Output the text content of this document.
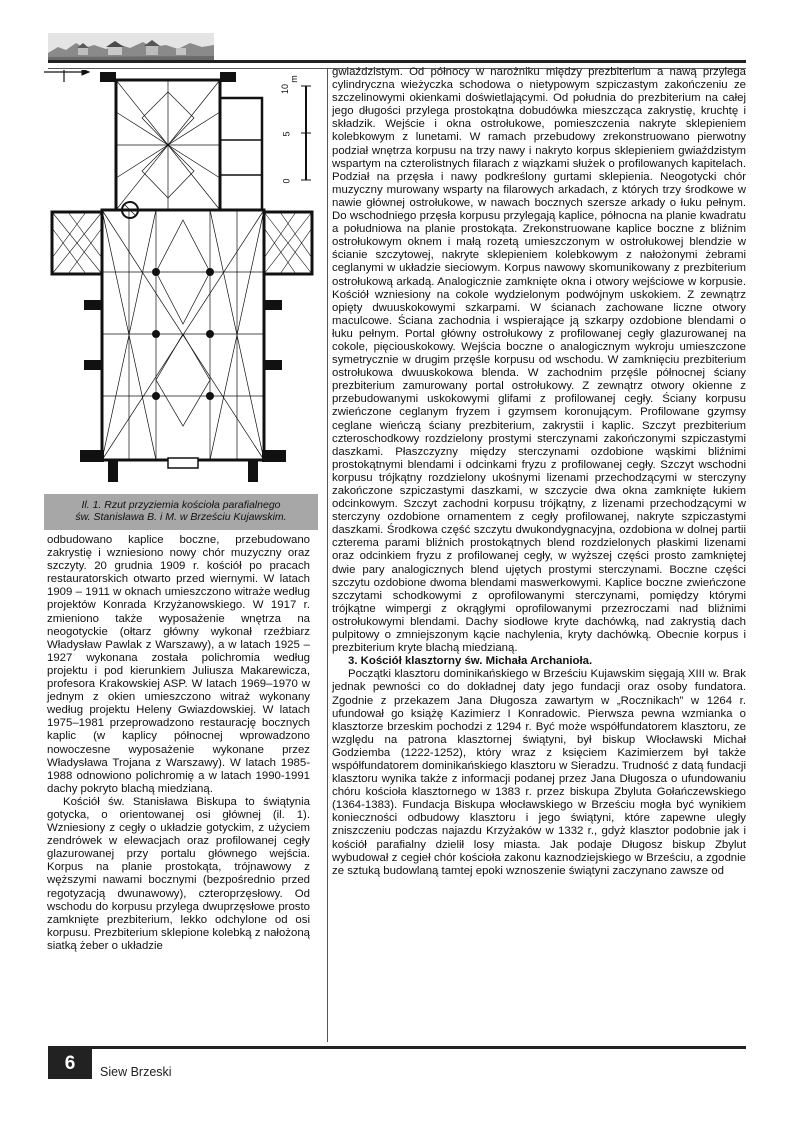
0
5
10
m
Il. 1. Rzut przyziemia kościoła parafialnego
św. Stanisława B. i M. w Brześciu Kujawskim.

odbudowano kaplice boczne, przebudowano zakrystię i wzniesiono nowy chór muzyczny oraz szczyty. 20 grudnia 1909 r. kościół po pracach restauratorskich otwarto przed wiernymi. W latach 1909 – 1911 w oknach umieszczono witraże według projektów Konrada Krzyżanowskiego. W 1917 r. zmieniono także wyposażenie wnętrza na neogotyckie (ołtarz główny wykonał rzeźbiarz Władysław Pawlak z Warszawy), a w latach 1925 –1927 wykonana została polichromia według projektu i pod kierunkiem Juliusza Makarewicza, profesora Krakowskiej ASP. W latach 1969–1970 w jednym z okien umieszczono witraż wykonany według projektu Heleny Gwiazdowskiej. W latach 1975–1981 przeprowadzono restaurację bocznych kaplic (w kaplicy północnej wprowadzono nowoczesne wyposażenie wykonane przez Władysława Trojana z Warszawy). W latach 1985-1988 odnowiono polichromię a w latach 1990-1991 dachy pokryto blachą miedzianą.

Kościół św. Stanisława Biskupa to świątynia gotycka, o orientowanej osi głównej (il. 1). Wzniesiony z cegły o układzie gotyckim, z użyciem zendrówek w elewacjach oraz profilowanej cegły glazurowanej przy portalu głównego wejścia. Korpus na planie prostokąta, trójnawowy z węższymi nawami bocznymi (bezpośrednio przed regotyzacją dwunawowy), czteroprzęsłowy. Od wschodu do korpusu przylega dwuprzęsłowe prosto zamknięte prezbiterium, lekko odchylone od osi korpusu. Prezbiterium sklepione kolebką z nałożoną siatką żeber o układzie

gwiaździstym. Od północy w narożniku między prezbiterium a nawą przylega cylindryczna wieżyczka schodowa o nietypowym szpiczastym zakończeniu ze szczelinowymi okienkami doświetlającymi. Od południa do prezbiterium na całej jego długości przylega prostokątna dobudówka mieszcząca zakrystię, kruchtę i składzik. Wejście i okna ostrołukowe, pomieszczenia nakryte sklepieniem kolebkowym z lunetami. W ramach przebudowy zrekonstruowano pierwotny podział wnętrza korpusu na trzy nawy i nakryto korpus sklepieniem gwiaździstym wspartym na czterolistnych filarach z wiązkami służek o profilowanych kapitelach. Podział na przęsła i nawy podkreślony gurtami sklepienia. Neogotycki chór muzyczny murowany wsparty na filarowych arkadach, z których trzy środkowe w nawie głównej ostrołukowe, w nawach bocznych szersze arkady o łuku pełnym. Do wschodniego przęsła korpusu przylegają kaplice, północna na planie kwadratu a południowa na planie prostokąta. Zrekonstruowane kaplice boczne z bliźnim ostrołukowym oknem i małą rozetą umieszczonym w ostrołukowej blendzie w ścianie szczytowej, nakryte sklepieniem kolebkowym z nałożonymi żebrami ceglanymi w układzie sieciowym. Korpus nawowy skomunikowany z prezbiterium ostrołukową arkadą. Analogicznie zamknięte okna i otwory wejściowe w korpusie. Kościół wzniesiony na cokole wydzielonym podwójnym uskokiem. Z zewnątrz opięty dwuuskokowymi szkarpami. W ścianach zachowane liczne otwory maculcowe. Ściana zachodnia i wspierające ją szkarpy ozdobione blendami o łuku pełnym. Portal główny ostrołukowy z profilowanej cegły glazurowanej na cokole, pięciouskokowy. Wejścia boczne o analogicznym wykroju umieszczone symetrycznie w drugim przęśle korpusu od wschodu. W zamknięciu prezbiterium ostrołukowa dwuuskokowa blenda. W zachodnim przęśle północnej ściany prezbiterium zamurowany portal ostrołukowy. Z zewnątrz otwory okienne z przebudowanymi uskokowymi glifami z profilowanej cegły. Ściany korpusu zwieńczone ceglanym fryzem i gzymsem koronującym. Profilowane gzymsy ceglane wieńczą ściany prezbiterium, zakrystii i kaplic. Szczyt prezbiterium czteroschodkowy rozdzielony prostymi sterczynami zakończonymi szpiczastymi daszkami. Płaszczyzny między sterczynami ozdobione wąskimi bliźnimi prostokątnymi blendami i odcinkami fryzu z profilowanej cegły. Szczyt wschodni korpusu trójkątny rozdzielony ukośnymi lizenami przechodzącymi w sterczyny zakończone szpiczastymi daszkami, w szczycie dwa okna zamknięte łukiem odcinkowym. Szczyt zachodni korpusu trójkątny, z lizenami przechodzącymi w sterczyny ozdobione ornamentem z cegły profilowanej, nakryte szpiczastymi daszkami. Środkowa część szczytu dwukondygnacyjna, ozdobiona w dolnej partii czterema parami bliźnich prostokątnych blend rozdzielonych płaskimi lizenami oraz odcinkiem fryzu z profilowanej cegły, w wyższej części prosto zamkniętej dwie pary analogicznych blend ujętych prostymi sterczynami. Boczne części szczytu ozdobione dwoma blendami maswerkowymi. Kaplice boczne zwieńczone szczytami schodkowymi z oprofilowanymi sterczynami, pomiędzy którymi trójkątne wimpergi z okrągłymi oprofilowanymi przezroczami nad bliźnimi ostrołukowymi blendami. Dachy siodłowe kryte dachówką, nad zakrystią dach pulpitowy o zmniejszonym kącie nachylenia, kryty dachówką. Obecnie korpus i prezbiterium kryte blachą miedzianą.

3. Kościół klasztorny św. Michała Archanioła.

Początki klasztoru dominikańskiego w Brześciu Kujawskim sięgają XIII w. Brak jednak pewności co do dokładnej daty jego fundacji oraz osoby fundatora. Zgodnie z przekazem Jana Długosza zawartym w „Rocznikach” w 1264 r. ufundował go książę Kazimierz I Konradowic. Pierwsza pewna wzmianka o klasztorze brzeskim pochodzi z 1294 r. Być może współfundatorem klasztoru, ze względu na patrona klasztornej świątyni, był biskup Włocławski Michał Godziemba (1222-1252), który wraz z księciem Kazimierzem był także współfundatorem dominikańskiego klasztoru w Sieradzu. Trudność z datą fundacji klasztoru wynika także z informacji podanej przez Jana Długosza o ufundowaniu chóru kościoła klasztornego w 1383 r. przez biskupa Zbyluta Gołańczewskiego (1364-1383). Fundacja Biskupa włocławskiego w Brześciu mogła być wynikiem konieczności odbudowy klasztoru i jego świątyni, które zapewne uległy zniszczeniu podczas najazdu Krzyżaków w 1332 r., gdyż klasztor podobnie jak i kościół parafialny dzielił losy miasta. Jak podaje Długosz biskup Zbylut wybudował z cegieł chór kościoła zakonu kaznodziejskiego w Brześciu, a zgodnie ze sztuką budowlaną tamtej epoki wznoszenie świątyni zaczynano zawsze od

6	Siew Brzeski
